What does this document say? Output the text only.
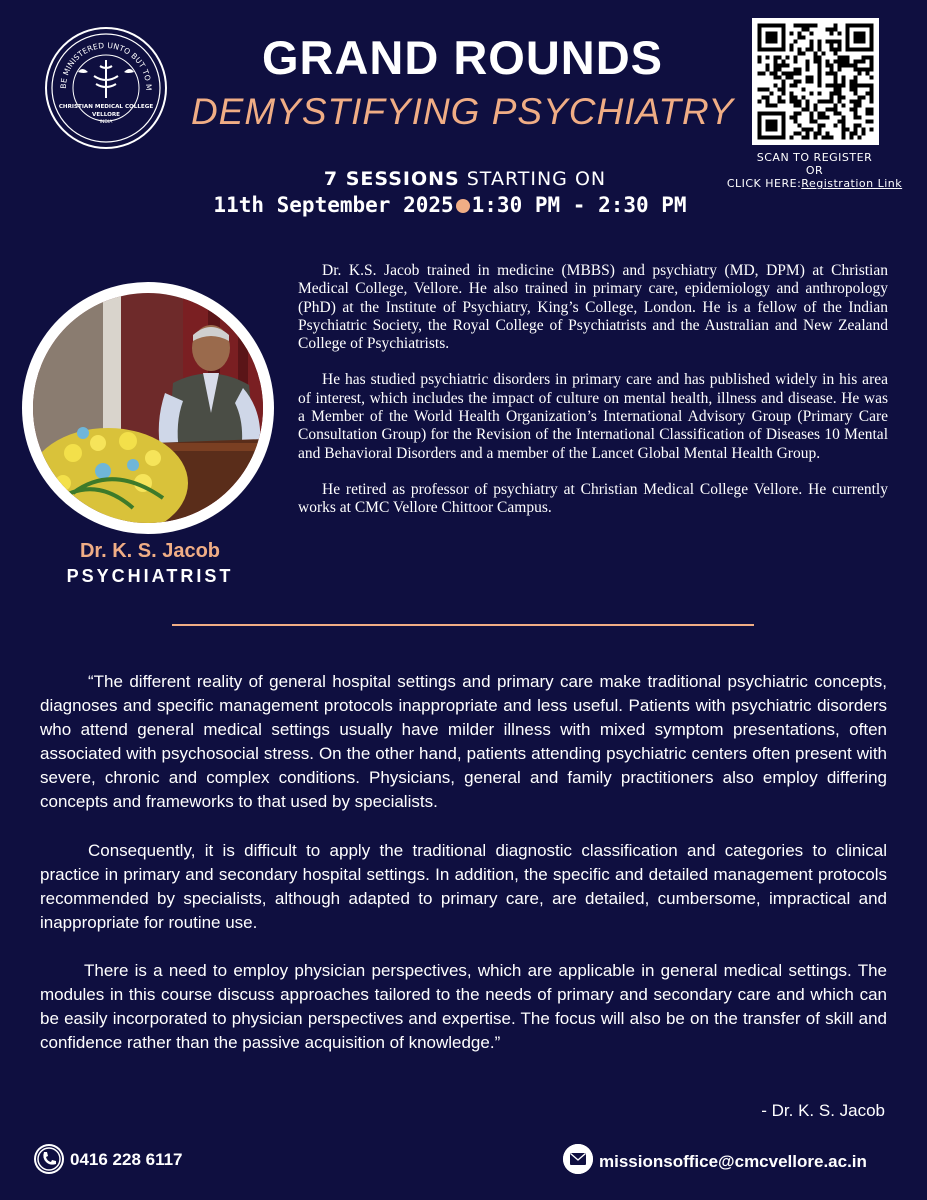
BE MINISTERED UNTO BUT TO M
CHRISTIAN MEDICAL COLLEGE
VELLORE
INDIA
GRAND ROUNDS
DEMYSTIFYING PSYCHIATRY
7 SESSIONS STARTING ON
11th September 2025 1:30 PM - 2:30 PM
SCAN TO REGISTER
OR
CLICK HERE:Registration Link
Dr. K. S. Jacob
PSYCHIATRIST

Dr. K.S. Jacob trained in medicine (MBBS) and psychiatry (MD, DPM) at Christian Medical College, Vellore. He also trained in primary care, epidemiology and anthropology (PhD) at the Institute of Psychiatry, King’s College, London. He is a fellow of the Indian Psychiatric Society, the Royal College of Psychiatrists and the Australian and New Zealand College of Psychiatrists.

He has studied psychiatric disorders in primary care and has published widely in his area of interest, which includes the impact of culture on mental health, illness and disease. He was a Member of the World Health Organization’s International Advisory Group (Primary Care Consultation Group) for the Revision of the International Classification of Diseases 10 Mental and Behavioral Disorders and a member of the Lancet Global Mental Health Group.

He retired as professor of psychiatry at Christian Medical College Vellore. He currently works at CMC Vellore Chittoor Campus.

“The different reality of general hospital settings and primary care make traditional psychiatric concepts, diagnoses and specific management protocols inappropriate and less useful. Patients with psychiatric disorders who attend general medical settings usually have milder illness with mixed symptom presentations, often associated with psychosocial stress. On the other hand, patients attending psychiatric centers often present with severe, chronic and complex conditions. Physicians, general and family practitioners also employ differing concepts and frameworks to that used by specialists.

Consequently, it is difficult to apply the traditional diagnostic classification and categories to clinical practice in primary and secondary hospital settings. In addition, the specific and detailed management protocols recommended by specialists, although adapted to primary care, are detailed, cumbersome, impractical and inappropriate for routine use.

There is a need to employ physician perspectives, which are applicable in general medical settings. The modules in this course discuss approaches tailored to the needs of primary and secondary care and which can be easily incorporated to physician perspectives and expertise. The focus will also be on the transfer of skill and confidence rather than the passive acquisition of knowledge.”

- Dr. K. S. Jacob
0416 228 6117	missionsoffice@cmcvellore.ac.in
